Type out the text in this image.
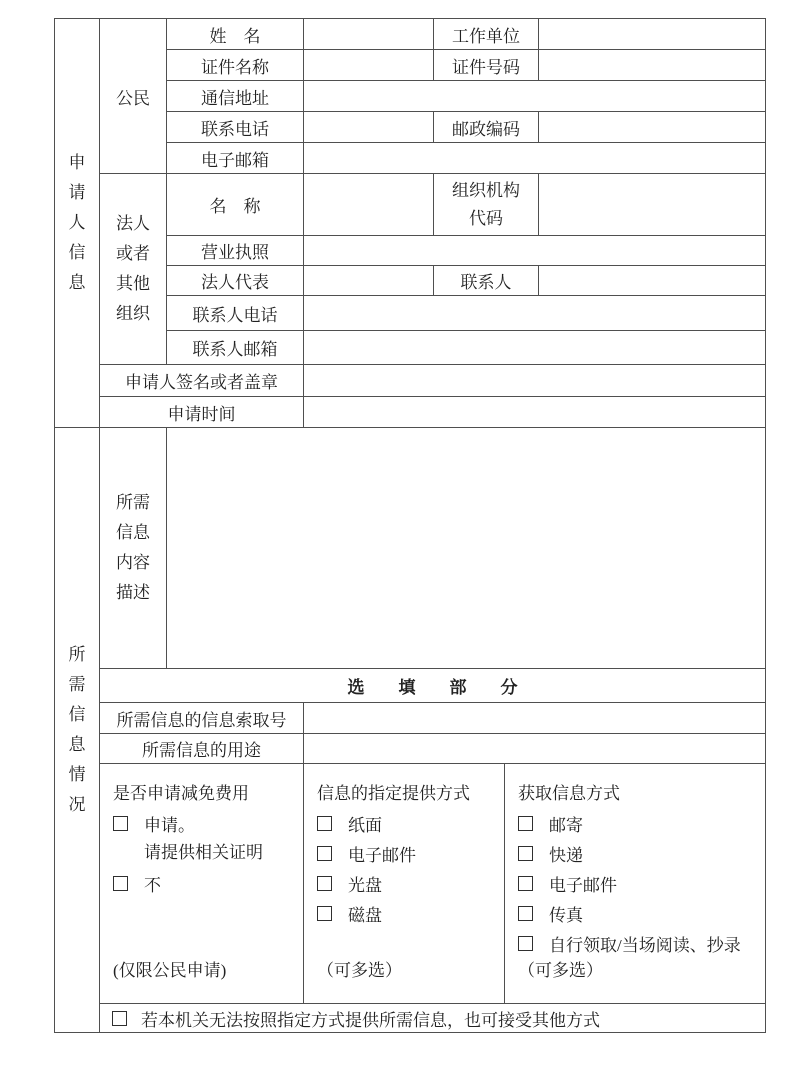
申请人信息	公民	姓　名		工作单位		
		证件名称		证件号码		
		通信地址				
		联系电话		邮政编码		
		电子邮箱				
	法人或者其他组织	名　称		组织机构代码		
		营业执照				
		法人代表		联系人		
		联系人电话				
		联系人邮箱				
	申请人签名或者盖章					
	申请时间					
所需信息情况	所需信息内容描述					
	选　　填　　部　　分					
	所需信息的信息索取号					
	所需信息的用途					

是否申请减免费用
申请。
请提供相关证明
不
(仅限公民申请)

信息的指定提供方式
纸面
电子邮件
光盘
磁盘
（可多选）

获取信息方式
邮寄
快递
电子邮件
传真
自行领取/当场阅读、抄录
（可多选）

	若本机关无法按照指定方式提供所需信息，也可接受其他方式					
